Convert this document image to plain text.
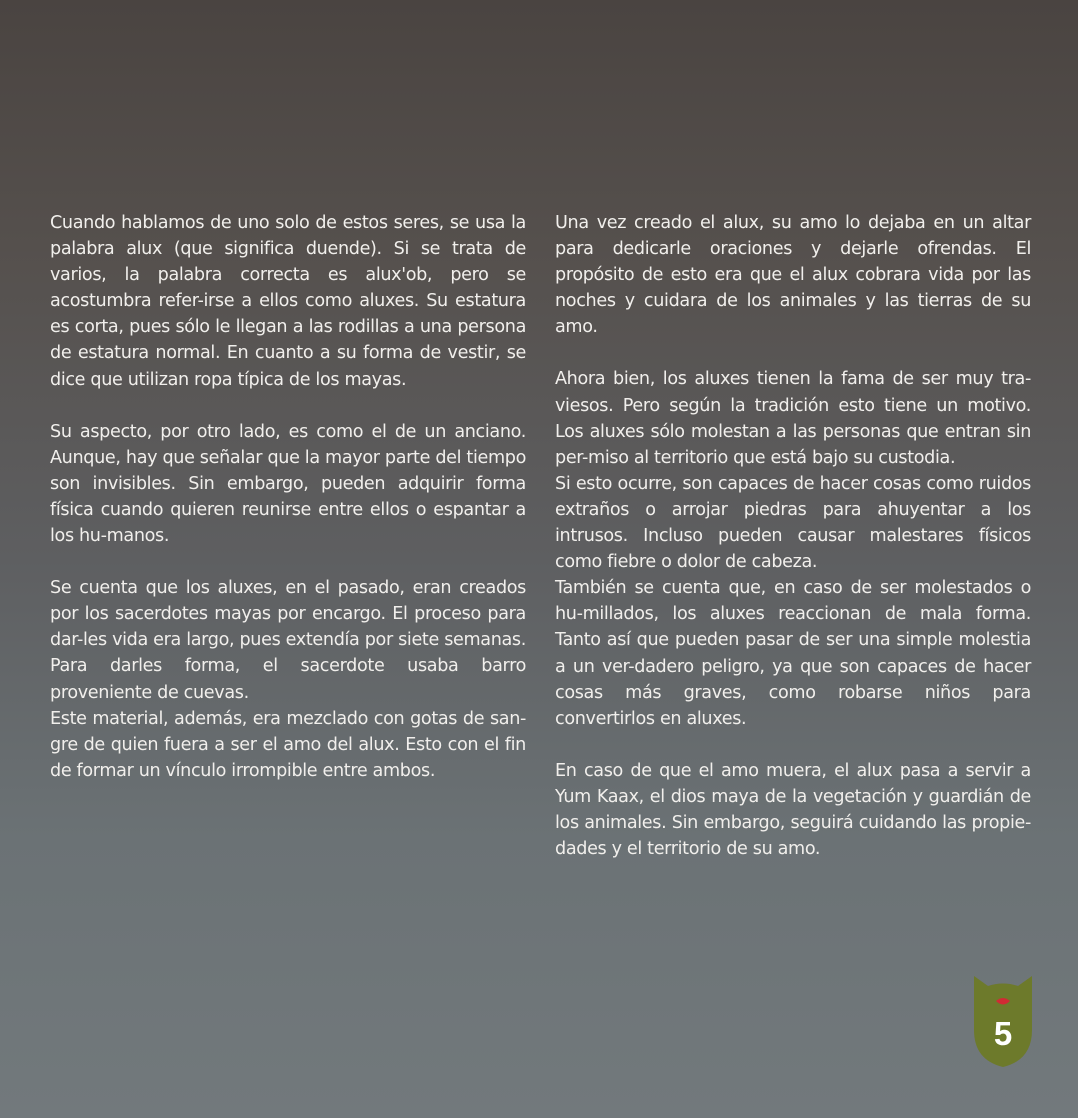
Cuando hablamos de uno solo de estos seres, se usa la palabra alux (que significa duende). Si se trata de varios, la palabra correcta es alux'ob, pero se acostumbra refer-irse a ellos como aluxes. Su estatura es corta, pues sólo le llegan a las rodillas a una persona de estatura normal. En cuanto a su forma de vestir, se dice que utilizan ropa típica de los mayas.

Su aspecto, por otro lado, es como el de un anciano. Aunque, hay que señalar que la mayor parte del tiempo son invisibles. Sin embargo, pueden adquirir forma física cuando quieren reunirse entre ellos o espantar a los hu-manos.

Se cuenta que los aluxes, en el pasado, eran creados por los sacerdotes mayas por encargo. El proceso para dar-les vida era largo, pues extendía por siete semanas. Para darles forma, el sacerdote usaba barro proveniente de cuevas.

Este material, además, era mezclado con gotas de san-gre de quien fuera a ser el amo del alux. Esto con el fin de formar un vínculo irrompible entre ambos.

Una vez creado el alux, su amo lo dejaba en un altar para dedicarle oraciones y dejarle ofrendas. El propósito de esto era que el alux cobrara vida por las noches y cuidara de los animales y las tierras de su amo.

Ahora bien, los aluxes tienen la fama de ser muy tra-viesos. Pero según la tradición esto tiene un motivo. Los aluxes sólo molestan a las personas que entran sin per-miso al territorio que está bajo su custodia.

Si esto ocurre, son capaces de hacer cosas como ruidos extraños o arrojar piedras para ahuyentar a los intrusos. Incluso pueden causar malestares físicos como fiebre o dolor de cabeza.

También se cuenta que, en caso de ser molestados o hu-millados, los aluxes reaccionan de mala forma. Tanto así que pueden pasar de ser una simple molestia a un ver-dadero peligro, ya que son capaces de hacer cosas más graves, como robarse niños para convertirlos en aluxes.

En caso de que el amo muera, el alux pasa a servir a Yum Kaax, el dios maya de la vegetación y guardián de los animales. Sin embargo, seguirá cuidando las propie-dades y el territorio de su amo.

5
